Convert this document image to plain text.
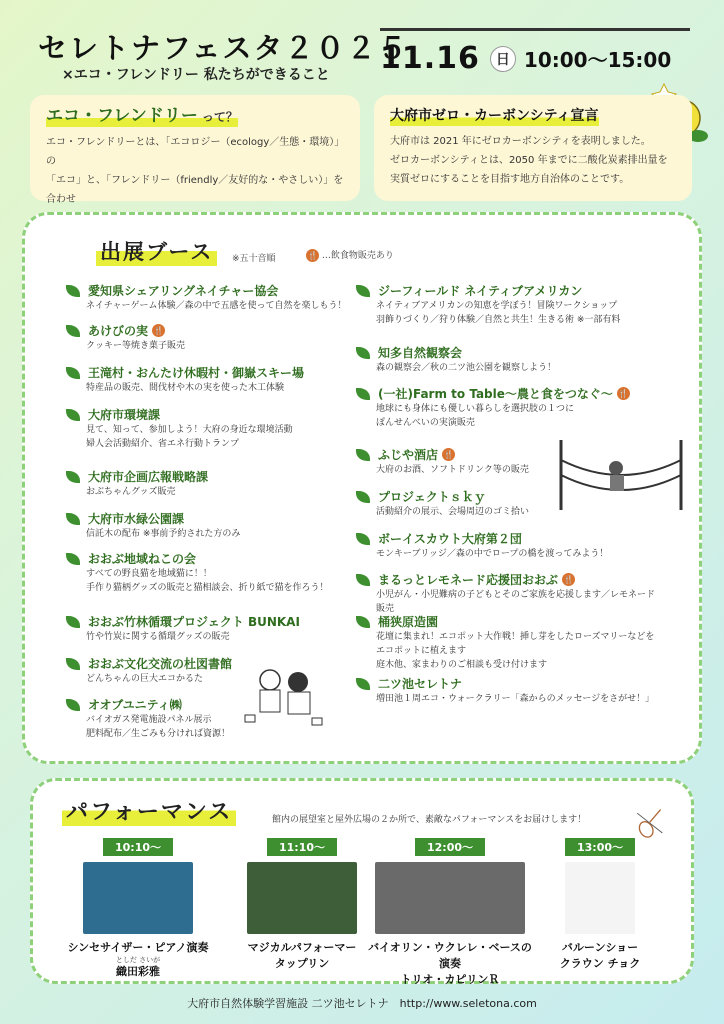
セレトナフェスタ２０２５
×エコ・フレンドリー 私たちができること 11.16	日 10:00〜15:00
エコ・フレンドリー って？
エコ・フレンドリーとは、「エコロジー（ecology／生態・環境）」の
「エコ」と、「フレンドリー（friendly／友好的な・やさしい）」を合わせ
大府市ゼロ・カーボンシティ宣言
大府市は 2021 年にゼロカーボンシティを表明しました。
ゼロカーボンシティとは、2050 年までに二酸化炭素排出量を
実質ゼロにすることを目指す地方自治体のことです。
出展ブース	※五十音順	🍴 …飲食物販売あり
愛知県シェアリングネイチャー協会
ネイチャーゲーム体験／森の中で五感を使って自然を楽しもう！
あけびの実 🍴
クッキー等焼き菓子販売
王滝村・おんたけ休暇村・御嶽スキー場
特産品の販売、間伐材や木の実を使った木工体験
大府市環境課
見て、知って、参加しよう！大府の身近な環境活動
婦人会活動紹介、省エネ行動トランプ
大府市企画広報戦略課
おぶちゃんグッズ販売
大府市水緑公園課
信託木の配布 ※事前予約された方のみ
おおぶ地域ねこの会
すべての野良猫を地域猫に！！
手作り猫柄グッズの販売と猫相談会、折り紙で猫を作ろう！
おおぶ竹林循環プロジェクト BUNKAI
竹や竹炭に関する循環グッズの販売
おおぶ文化交流の杜図書館
どんちゃんの巨大エコかるた
オオブユニティ㈱
バイオガス発電施設パネル展示
肥料配布／生ごみも分ければ資源！
ジーフィールド ネイティブアメリカン
ネイティブアメリカンの知恵を学ぼう！冒険ワークショップ
羽飾りづくり／狩り体験／自然と共生！生きる術 ※一部有料
知多自然観察会
森の観察会／秋の二ツ池公園を観察しよう！
(一社)Farm to Table〜農と食をつなぐ〜 🍴
地球にも身体にも優しい暮らしを選択肢の１つに
ぽんせんべいの実演販売
ふじや酒店 🍴
大府のお酒、ソフトドリンク等の販売
プロジェクトｓｋｙ
活動紹介の展示、会場周辺のゴミ拾い
ボーイスカウト大府第２団
モンキーブリッジ／森の中でロープの橋を渡ってみよう！
まるっとレモネード応援団おおぶ 🍴
小児がん・小児難病の子どもとそのご家族を応援します／レモネード販売
桶狭原造園
花壇に集まれ！エコポット大作戦！挿し芽をしたローズマリーなどをエコポットに植えます
庭木他、家まわりのご相談も受け付けます
二ツ池セレトナ
増田池１周エコ・ウォークラリー「森からのメッセージをさがせ！」
パフォーマンス	館内の展望室と屋外広場の２か所で、素敵なパフォーマンスをお届けします！
10:10〜
シンセサイザー・ピアノ演奏
としだ さいが
織田彩雅
11:10〜
マジカルパフォーマー
タップリン
12:00〜
バイオリン・ウクレレ・ベースの演奏
トリオ・カピリンＲ
13:00〜
バルーンショー
クラウン チョク
大府市自然体験学習施設 二ツ池セレトナ　http://www.seletona.com
